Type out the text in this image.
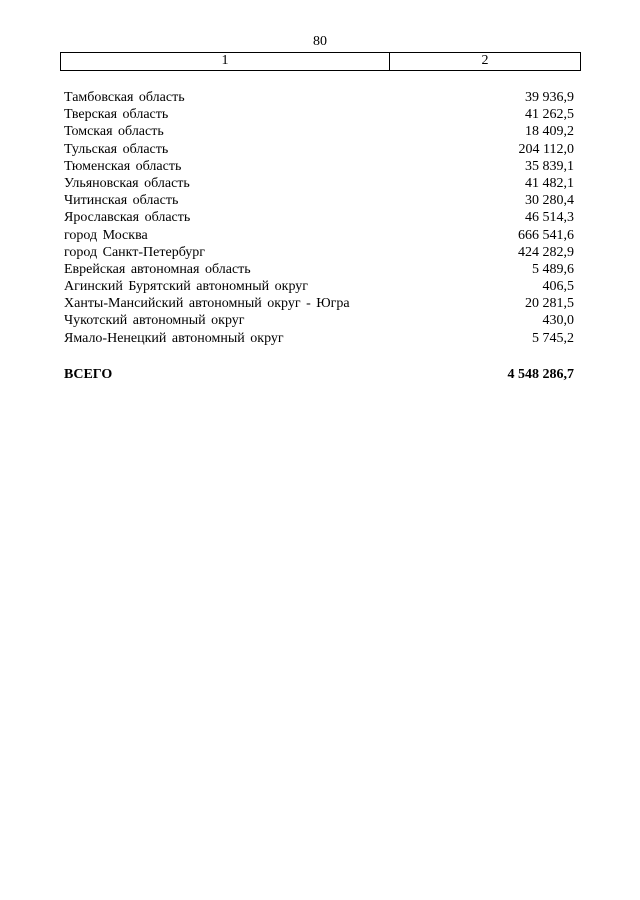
80
1	2
Тамбовская область	39 936,9
Тверская область	41 262,5
Томская область	18 409,2
Тульская область	204 112,0
Тюменская область	35 839,1
Ульяновская область	41 482,1
Читинская область	30 280,4
Ярославская область	46 514,3
город Москва	666 541,6
город Санкт-Петербург	424 282,9
Еврейская автономная область	5 489,6
Агинский Бурятский автономный округ	406,5
Ханты-Мансийский автономный округ - Югра	20 281,5
Чукотский автономный округ	430,0
Ямало-Ненецкий автономный округ	5 745,2
ВСЕГО	4 548 286,7
